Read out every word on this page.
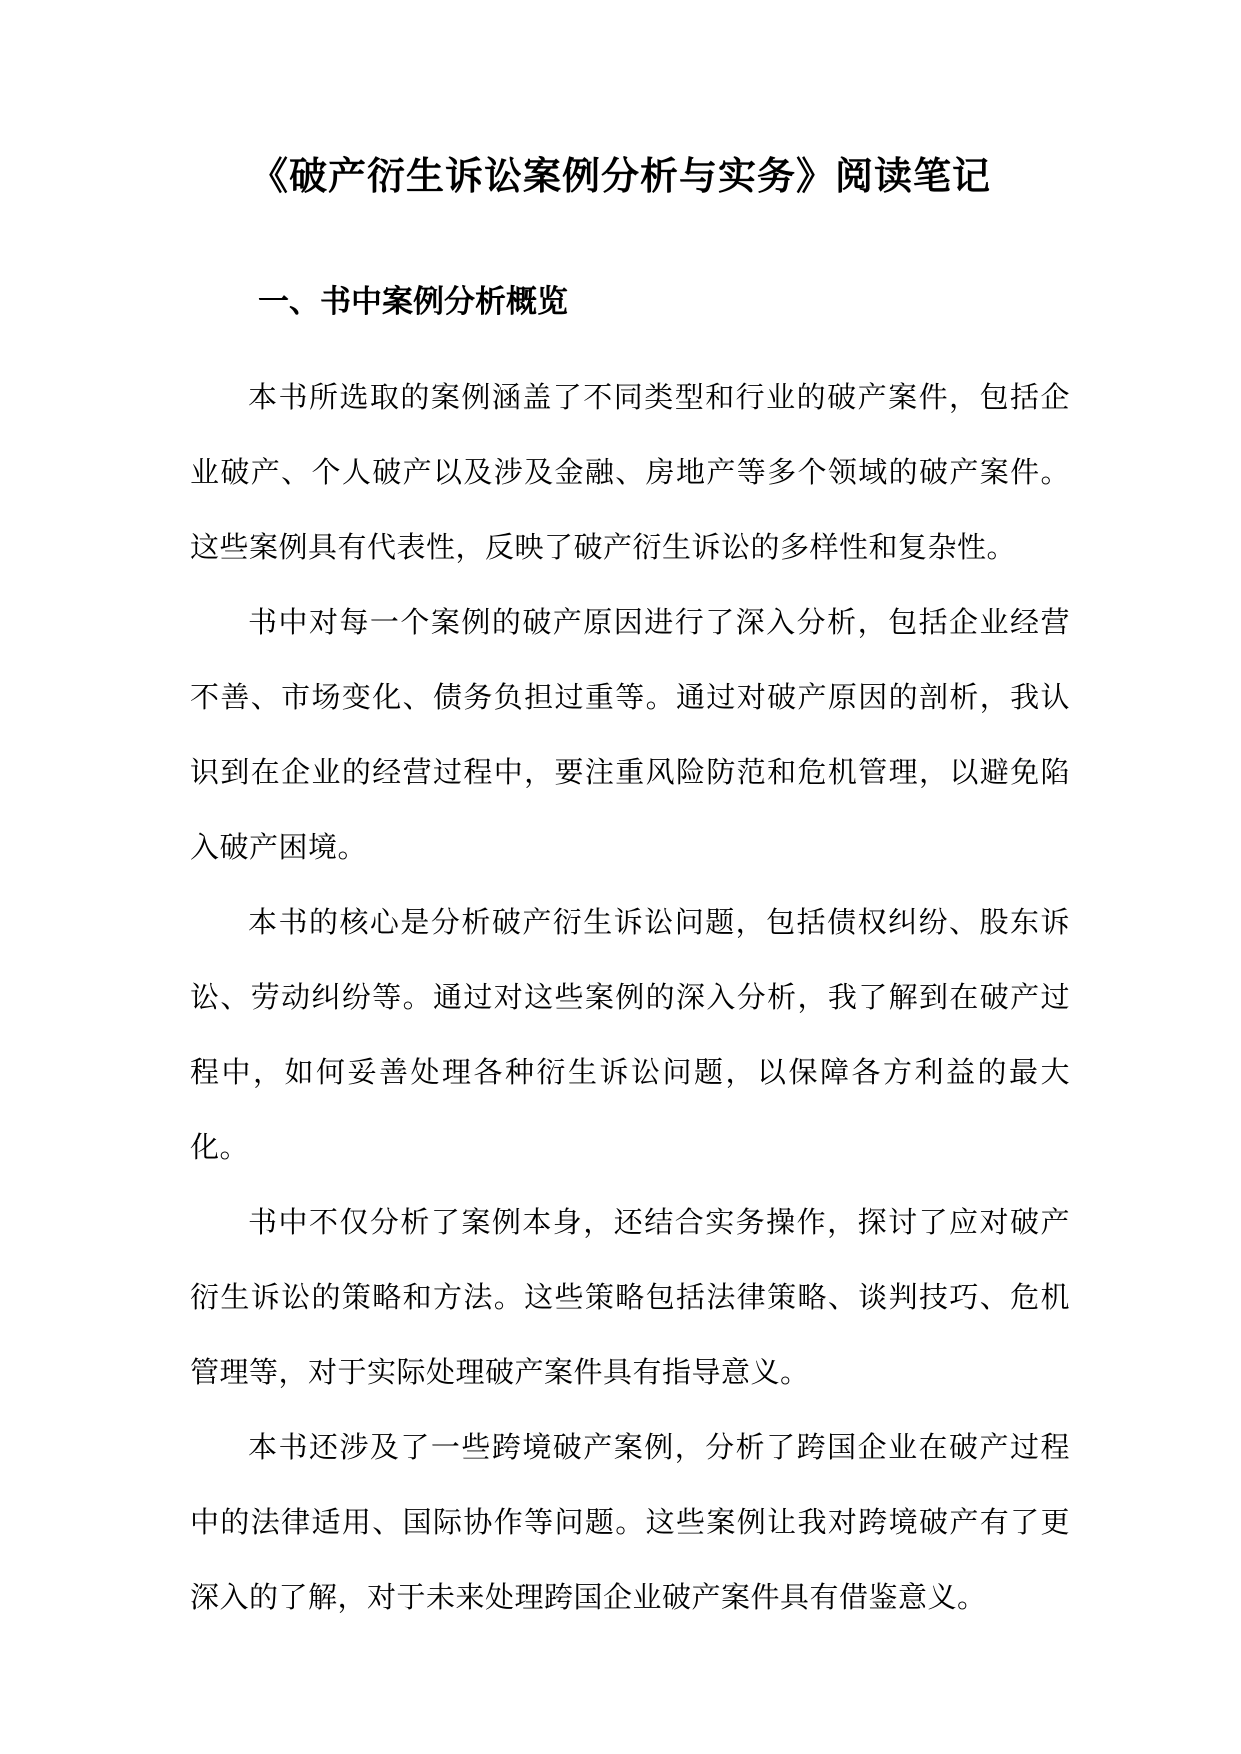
《破产衍生诉讼案例分析与实务》阅读笔记
一、书中案例分析概览

本书所选取的案例涵盖了不同类型和行业的破产案件，包括企业破产、个人破产以及涉及金融、房地产等多个领域的破产案件。这些案例具有代表性，反映了破产衍生诉讼的多样性和复杂性。

书中对每一个案例的破产原因进行了深入分析，包括企业经营不善、市场变化、债务负担过重等。通过对破产原因的剖析，我认识到在企业的经营过程中，要注重风险防范和危机管理，以避免陷入破产困境。

本书的核心是分析破产衍生诉讼问题，包括债权纠纷、股东诉讼、劳动纠纷等。通过对这些案例的深入分析，我了解到在破产过程中，如何妥善处理各种衍生诉讼问题，以保障各方利益的最大化。

书中不仅分析了案例本身，还结合实务操作，探讨了应对破产衍生诉讼的策略和方法。这些策略包括法律策略、谈判技巧、危机管理等，对于实际处理破产案件具有指导意义。

本书还涉及了一些跨境破产案例，分析了跨国企业在破产过程中的法律适用、国际协作等问题。这些案例让我对跨境破产有了更深入的了解，对于未来处理跨国企业破产案件具有借鉴意义。
